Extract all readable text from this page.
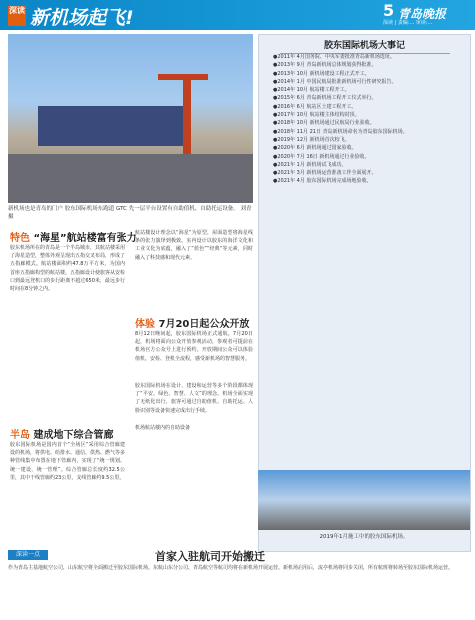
深读 新机场起飞!	5 青岛晚报
深读 | 责编:... 审读:...
新机场也是青岛的门户 胶东国际机场东跑道 GTC 先一层平台设置有自助值机、自助托运设备。 刘青 摄
特色 “海星”航站楼富有张力
胶东机场所在的青岛是一个半岛城市，其航站楼采用了海星造型，整体外观呈现出五指交叉布局，形成了五指廊模式。航站楼面积约47.8万平方米，为国内首座五指廊构型的航站楼。五指廊设计使旅客从安检口到最远登机口的步行距离不超过650米，最远步行时间在8分钟之内。
半岛 建成地下综合管廊
胶东国际机场是国内首个“全场区”采用综合管廊建设的机场，将供电、给排水、通信、供热、燃气等多种管线集中布置在地下管廊内，实现了“统一规划、统一建设、统一管理”。综合管廊总长度约32.5公里，其中干线管廊约23公里，支线管廊约9.5公里。
航站楼设计理念以“海星”为原型，屋面造型将海星线条的张力演绎到极致。室内设计以胶东的海洋文化和工业文化为底蕴，融入了“蓝色”“经典”等元素，同时融入了科技感和现代元素。
体验 7月20日起公众开放
8月12日晚间起，胶东国际机场正式通航。7月20日起，机场将面向公众开放参观活动，参观者可提前在机场官方公众号上进行预约。开放期间公众可以体验值机、安检、登机全流程，感受新机场的智慧服务。
胶东国际机场在设计、建设和运营等多个阶段都体现了“平安、绿色、智慧、人文”的理念。机场全面实现了无纸化出行，旅客可通过自助值机、自助托运、人脸识别等设备快速完成出行手续。
机场航站楼内的自助设备
胶东国际机场大事记

●2011年 4月国务院、中央军委批准青岛新机场选址。

●2013年 9月 青岛新机场总体规划获得批准。

●2013年 10月 新机场建设工程正式开工。

●2014年 1月 中国民航局批准新机场可行性研究报告。

●2014年 10月 航站楼工程开工。

●2015年 6月 青岛新机场工程开工仪式举行。

●2016年 6月 航站区土建工程开工。

●2017年 10月 航站楼主体结构封顶。

●2018年 10月 新机场通过民航局行业验收。

●2018年 11月 21日 青岛新机场命名为青岛胶东国际机场。

●2019年 12月 新机场首次校飞。

●2020年 6月 新机场通过国家验收。

●2020年 7月 16日 新机场通过行业验收。

●2021年 1月 新机场试飞成功。

●2021年 3月 新机场运营准备工作全面展开。

●2021年 4月 胶东国际机场完成场地验收。

2019年1月施工中的胶东国际机场。
深读一点	首家入驻航司开始搬迁
作为青岛主基地航空公司，山东航空将全面搬迁至胶东国际机场。东航山东分公司、青岛航空等航司均将在新机场开展运营。新机场启用后，流亭机场将同步关闭，所有航班将转场至胶东国际机场运营。
